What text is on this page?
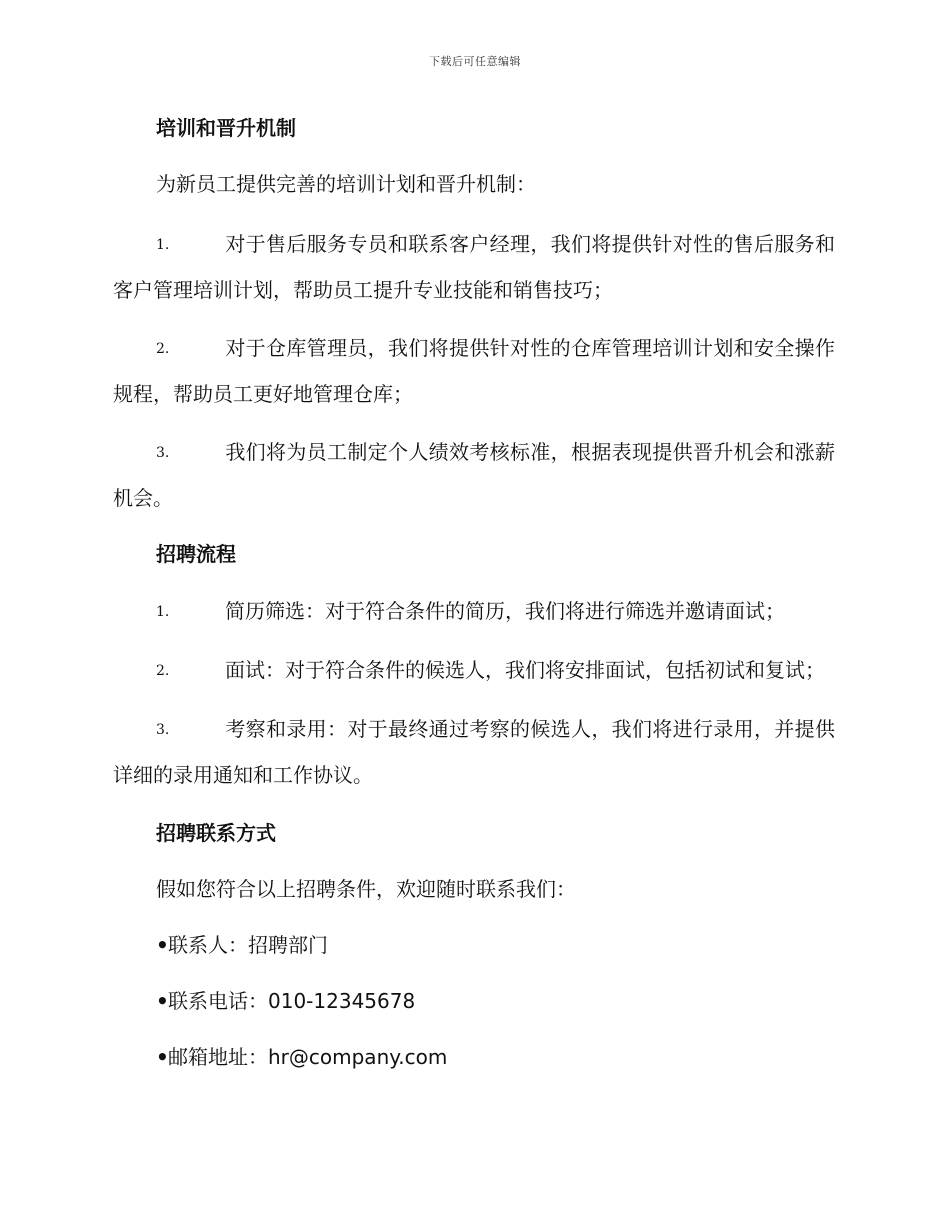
下载后可任意编辑
培训和晋升机制
为新员工提供完善的培训计划和晋升机制：
1.	对于售后服务专员和联系客户经理，我们将提供针对性的售后服务和客户管理培训计划，帮助员工提升专业技能和销售技巧；
2.	对于仓库管理员，我们将提供针对性的仓库管理培训计划和安全操作规程，帮助员工更好地管理仓库；
3.	我们将为员工制定个人绩效考核标准，根据表现提供晋升机会和涨薪机会。
招聘流程
1.	简历筛选：对于符合条件的简历，我们将进行筛选并邀请面试；
2.	面试：对于符合条件的候选人，我们将安排面试，包括初试和复试；
3.	考察和录用：对于最终通过考察的候选人，我们将进行录用，并提供详细的录用通知和工作协议。
招聘联系方式
假如您符合以上招聘条件，欢迎随时联系我们：
•联系人：招聘部门
•联系电话：010-12345678
•邮箱地址：hr@company.com
